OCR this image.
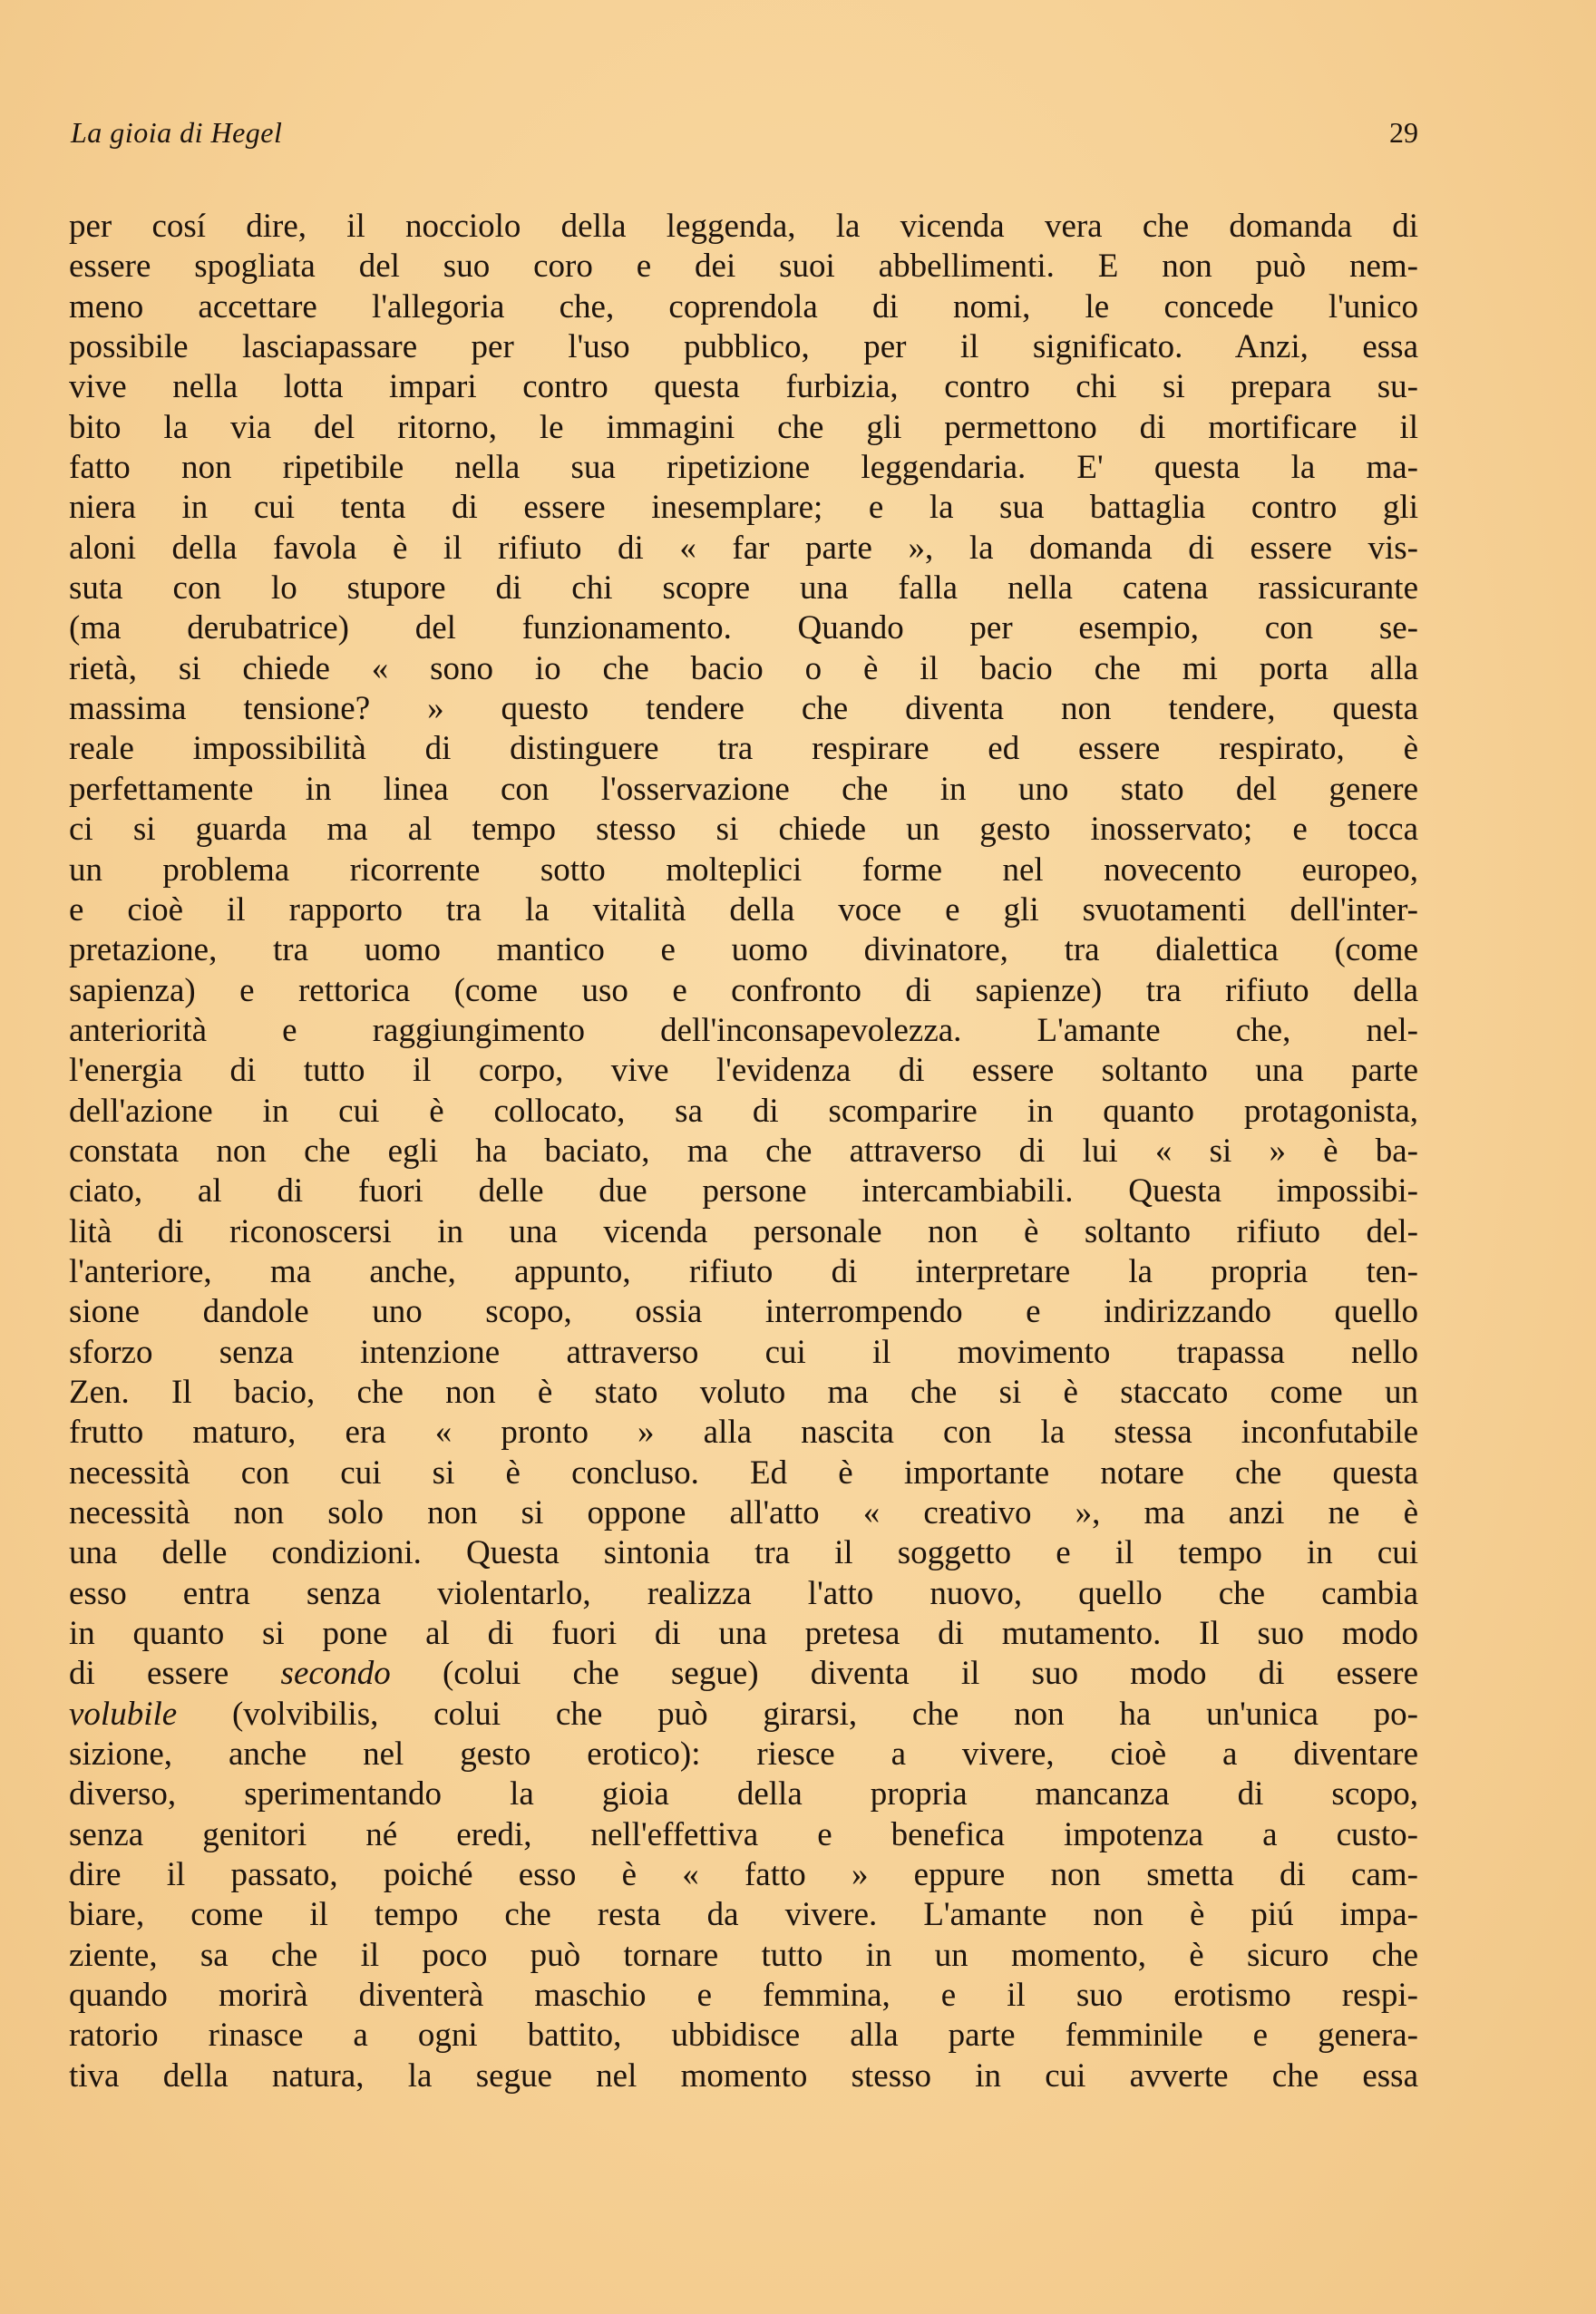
La gioia di Hegel	29
per cosí dire, il nocciolo della leggenda, la vicenda vera che domanda di
essere spogliata del suo coro e dei suoi abbellimenti. E non può nem-
meno accettare l'allegoria che, coprendola di nomi, le concede l'unico
possibile lasciapassare per l'uso pubblico, per il significato. Anzi, essa
vive nella lotta impari contro questa furbizia, contro chi si prepara su-
bito la via del ritorno, le immagini che gli permettono di mortificare il
fatto non ripetibile nella sua ripetizione leggendaria. E' questa la ma-
niera in cui tenta di essere inesemplare; e la sua battaglia contro gli
aloni della favola è il rifiuto di « far parte », la domanda di essere vis-
suta con lo stupore di chi scopre una falla nella catena rassicurante
(ma derubatrice) del funzionamento. Quando per esempio, con se-
rietà, si chiede « sono io che bacio o è il bacio che mi porta alla
massima tensione? » questo tendere che diventa non tendere, questa
reale impossibilità di distinguere tra respirare ed essere respirato, è
perfettamente in linea con l'osservazione che in uno stato del genere
ci si guarda ma al tempo stesso si chiede un gesto inosservato; e tocca
un problema ricorrente sotto molteplici forme nel novecento europeo,
e cioè il rapporto tra la vitalità della voce e gli svuotamenti dell'inter-
pretazione, tra uomo mantico e uomo divinatore, tra dialettica (come
sapienza) e rettorica (come uso e confronto di sapienze) tra rifiuto della
anteriorità e raggiungimento dell'inconsapevolezza. L'amante che, nel-
l'energia di tutto il corpo, vive l'evidenza di essere soltanto una parte
dell'azione in cui è collocato, sa di scomparire in quanto protagonista,
constata non che egli ha baciato, ma che attraverso di lui « si » è ba-
ciato, al di fuori delle due persone intercambiabili. Questa impossibi-
lità di riconoscersi in una vicenda personale non è soltanto rifiuto del-
l'anteriore, ma anche, appunto, rifiuto di interpretare la propria ten-
sione dandole uno scopo, ossia interrompendo e indirizzando quello
sforzo senza intenzione attraverso cui il movimento trapassa nello
Zen. Il bacio, che non è stato voluto ma che si è staccato come un
frutto maturo, era « pronto » alla nascita con la stessa inconfutabile
necessità con cui si è concluso. Ed è importante notare che questa
necessità non solo non si oppone all'atto « creativo », ma anzi ne è
una delle condizioni. Questa sintonia tra il soggetto e il tempo in cui
esso entra senza violentarlo, realizza l'atto nuovo, quello che cambia
in quanto si pone al di fuori di una pretesa di mutamento. Il suo modo
di essere secondo (colui che segue) diventa il suo modo di essere
volubile (volvibilis, colui che può girarsi, che non ha un'unica po-
sizione, anche nel gesto erotico): riesce a vivere, cioè a diventare
diverso, sperimentando la gioia della propria mancanza di scopo,
senza genitori né eredi, nell'effettiva e benefica impotenza a custo-
dire il passato, poiché esso è « fatto » eppure non smetta di cam-
biare, come il tempo che resta da vivere. L'amante non è piú impa-
ziente, sa che il poco può tornare tutto in un momento, è sicuro che
quando morirà diventerà maschio e femmina, e il suo erotismo respi-
ratorio rinasce a ogni battito, ubbidisce alla parte femminile e genera-
tiva della natura, la segue nel momento stesso in cui avverte che essa
